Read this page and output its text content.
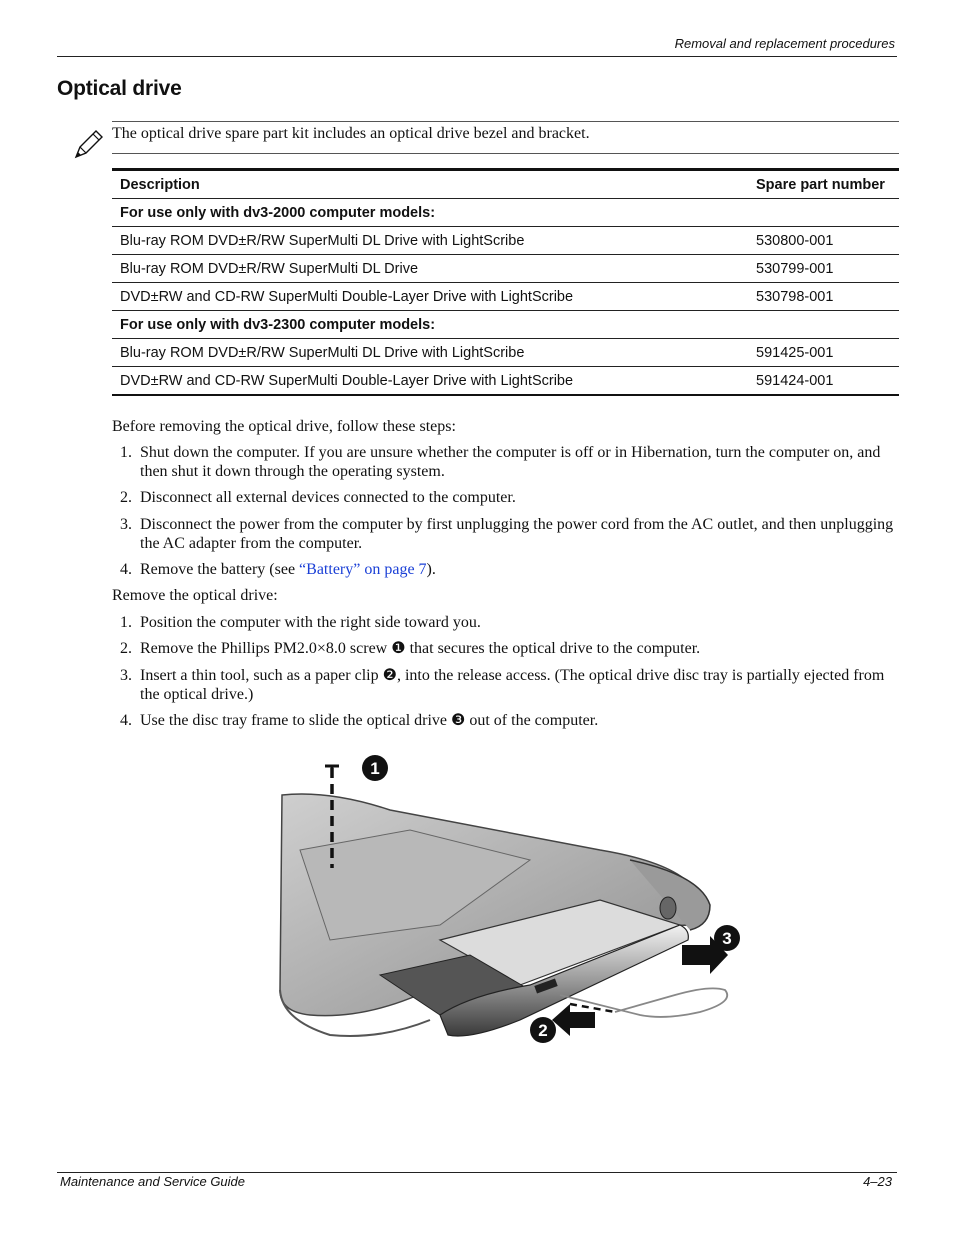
Removal and replacement procedures
Optical drive
The optical drive spare part kit includes an optical drive bezel and bracket.
Description	Spare part number
For use only with dv3-2000 computer models:	
Blu-ray ROM DVD±R/RW SuperMulti DL Drive with LightScribe	530800-001
Blu-ray ROM DVD±R/RW SuperMulti DL Drive	530799-001
DVD±RW and CD-RW SuperMulti Double-Layer Drive with LightScribe	530798-001
For use only with dv3-2300 computer models:	
Blu-ray ROM DVD±R/RW SuperMulti DL Drive with LightScribe	591425-001
DVD±RW and CD-RW SuperMulti Double-Layer Drive with LightScribe	591424-001
Before removing the optical drive, follow these steps:
1. Shut down the computer. If you are unsure whether the computer is off or in Hibernation, turn the computer on, and then shut it down through the operating system.
2. Disconnect all external devices connected to the computer.
3. Disconnect the power from the computer by first unplugging the power cord from the AC outlet, and then unplugging the AC adapter from the computer.
4. Remove the battery (see “Battery” on page 7).
Remove the optical drive:
1. Position the computer with the right side toward you.
2. Remove the Phillips PM2.0×8.0 screw ❶ that secures the optical drive to the computer.
3. Insert a thin tool, such as a paper clip ❷, into the release access. (The optical drive disc tray is partially ejected from the optical drive.)
4. Use the disc tray frame to slide the optical drive ❸ out of the computer.
1
2
3
Maintenance and Service Guide	4–23
